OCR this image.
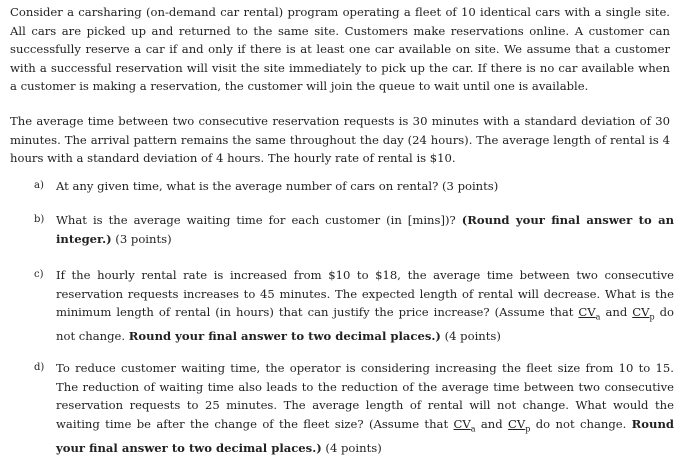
Consider a carsharing (on-demand car rental) program operating a fleet of 10 identical cars with a single site. All cars are picked up and returned to the same site. Customers make reservations online. A customer can successfully reserve a car if and only if there is at least one car available on site. We assume that a customer with a successful reservation will visit the site immediately to pick up the car. If there is no car available when a customer is making a reservation, the customer will join the queue to wait until one is available.

The average time between two consecutive reservation requests is 30 minutes with a standard deviation of 30 minutes. The arrival pattern remains the same throughout the day (24 hours). The average length of rental is 4 hours with a standard deviation of 4 hours. The hourly rate of rental is $10.

a)	At any given time, what is the average number of cars on rental? (3 points)
b)	What is the average waiting time for each customer (in [mins])? (Round your final answer to an integer.) (3 points)
c)	If the hourly rental rate is increased from $10 to $18, the average time between two consecutive reservation requests increases to 45 minutes. The expected length of rental will decrease. What is the minimum length of rental (in hours) that can justify the price increase? (Assume that $CV_a$ and $CV_p$ do not change. Round your final answer to two decimal places.) (4 points)
d)	To reduce customer waiting time, the operator is considering increasing the fleet size from 10 to 15. The reduction of waiting time also leads to the reduction of the average time between two consecutive reservation requests to 25 minutes. The average length of rental will not change. What would the waiting time be after the change of the fleet size? (Assume that $CV_a$ and $CV_p$ do not change. Round your final answer to two decimal places.) (4 points)
